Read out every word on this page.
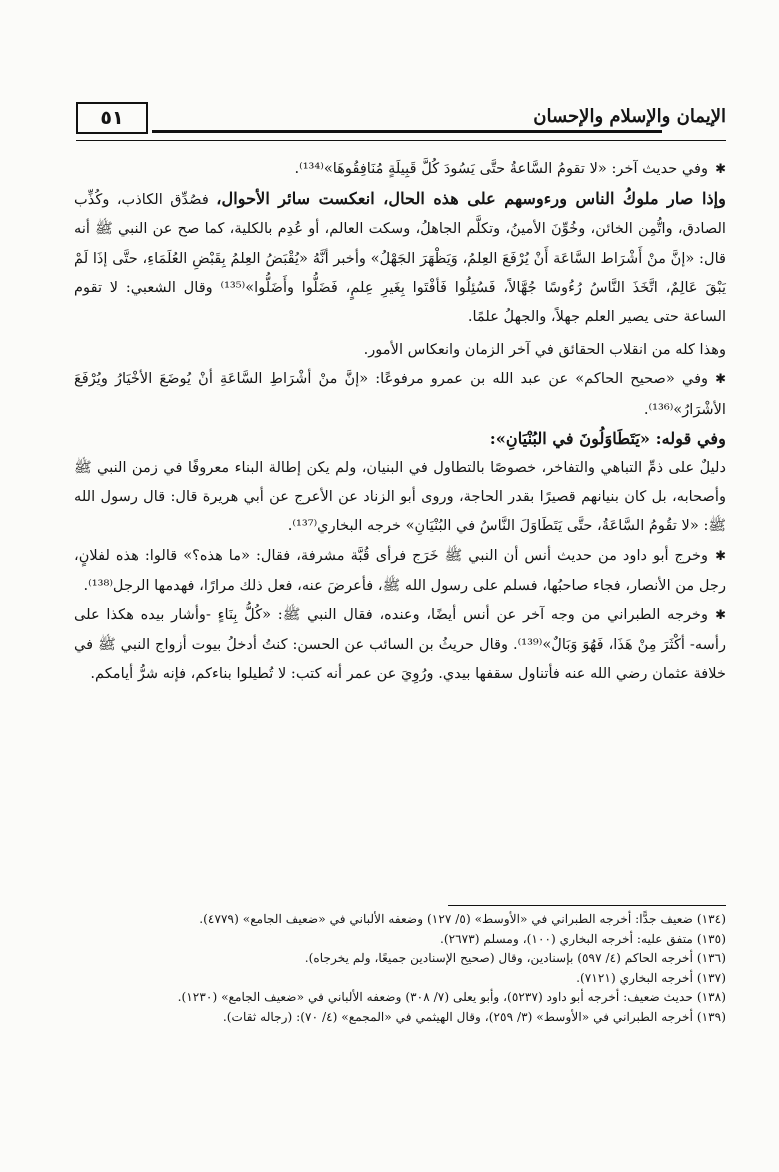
٥١	الإيمان والإسلام والإحسان

✱وفي حديث آخر: «لا تقومُ السَّاعةُ حتَّى يَسُودَ كُلَّ قَبِيلَةٍ مُنَافِقُوهَا»⁽¹³⁴⁾.

وإذا صار ملوكُ الناس ورءوسهم على هذه الحال، انعكست سائر الأحوال، فصُدِّق الكاذب، وكُذِّب الصادق، واتُّمِن الخائن، وخُوِّنَ الأمينُ، وتكلَّم الجاهلُ، وسكت العالم، أو عُدِم بالكلية، كما صح عن النبي ﷺ أنه قال: «إنَّ منْ أَشْرَاط السَّاعَة أَنْ يُرْفَعَ العِلمُ، وَيَظْهَرَ الجَهْلُ» وأخبر أنَّهُ «يُقْبَضُ العِلمُ بِقَبْضِ العُلَمَاءِ، حتَّى إذَا لَمْ يَبْقَ عَالِمٌ، اتَّخَذَ النَّاسُ رُءُوسًا جُهَّالاً، فَسُئِلُوا فَأفْتَوا بِغَيرِ عِلمٍ، فَضَلُّوا وأَضَلُّوا»⁽¹³⁵⁾ وقال الشعبي: لا تقوم الساعة حتى يصير العلم جهلاً، والجهلُ علمًا.

وهذا كله من انقلاب الحقائق في آخر الزمان وانعكاس الأمور.

✱وفي «صحيح الحاكم» عن عبد الله بن عمرو مرفوعًا: «إنَّ منْ أشْرَاطِ السَّاعَةِ أنْ يُوضَعَ الأخْيَارُ ويُرْفَعَ الأشْرَارُ»⁽¹³⁶⁾.

وفي قوله: «يَتَطَاوَلُونَ في البُنْيَانِ»:

دليلٌ على ذمِّ التباهي والتفاخر، خصوصًا بالتطاول في البنيان، ولم يكن إطالة البناء معروفًا في زمن النبي ﷺ وأصحابه، بل كان بنيانهم قصيرًا بقدر الحاجة، وروى أبو الزناد عن الأعرج عن أبي هريرة قال: قال رسول الله ﷺ: «لا تقُومُ السَّاعَةُ، حتَّى يَتَطَاوَلَ النَّاسُ في البُنْيَانِ» خرجه البخاري⁽¹³⁷⁾.

✱وخرج أبو داود من حديث أنس أن النبي ﷺ خَرَج فرأى قُبَّة مشرفة، فقال: «ما هذه؟» قالوا: هذه لفلانٍ، رجل من الأنصار، فجاء صاحبُها، فسلم على رسول الله ﷺ، فأعرضَ عنه، فعل ذلك مرارًا، فهدمها الرجل⁽¹³⁸⁾.

✱وخرجه الطبراني من وجه آخر عن أنس أيضًا، وعنده، فقال النبي ﷺ: «كُلُّ بِنَاءٍ -وأشار بيده هكذا على رأسه- أكْثَرَ مِنْ هَذَا، فَهُوَ وَبَالٌ»⁽¹³⁹⁾. وقال حريثُ بن السائب عن الحسن: كنتُ أدخلُ بيوت أزواج النبي ﷺ في خلافة عثمان رضي الله عنه فأتناول سقفها بيدي. ورُوِيَ عن عمر أنه كتب: لا تُطيلوا بناءكم، فإنه شرُّ أيامكم.

(١٣٤) ضعيف جدًّا: أخرجه الطبراني في «الأوسط» (٥/ ١٢٧) وضعفه الألباني في «ضعيف الجامع» (٤٧٧٩).

(١٣٥) متفق عليه: أخرجه البخاري (١٠٠)، ومسلم (٢٦٧٣).

(١٣٦) أخرجه الحاكم (٤/ ٥٩٧) بإسنادين، وقال (صحيح الإسنادين جميعًا، ولم يخرجاه).

(١٣٧) أخرجه البخاري (٧١٢١).

(١٣٨) حديث ضعيف: أخرجه أبو داود (٥٢٣٧)، وأبو يعلى (٧/ ٣٠٨) وضعفه الألباني في «ضعيف الجامع» (١٢٣٠).

(١٣٩) أخرجه الطبراني في «الأوسط» (٣/ ٢٥٩)، وقال الهيثمي في «المجمع» (٤/ ٧٠): (رجاله ثقات).
